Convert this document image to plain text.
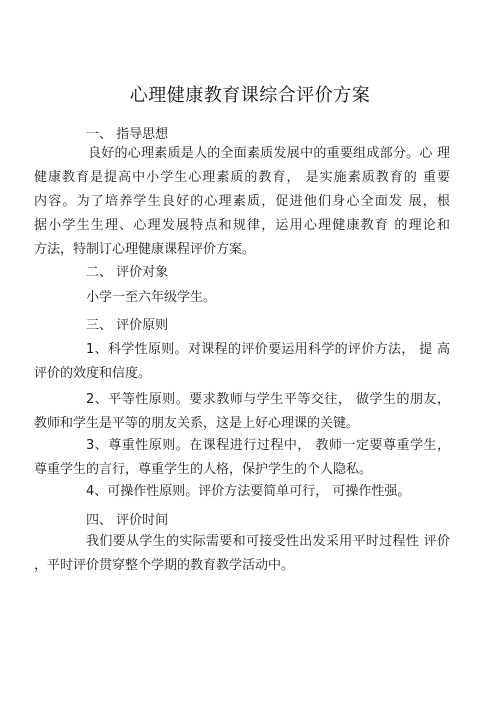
心理健康教育课综合评价方案
一、 指导思想
良好的心理素质是人的全面素质发展中的重要组成部分。心 理
健康教育是提高中小学生心理素质的教育， 是实施素质教育的 重要
内容。为了培养学生良好的心理素质，促进他们身心全面发 展，根
据小学生生理、心理发展特点和规律，运用心理健康教育 的理论和
方法，特制订心理健康课程评价方案。
二、 评价对象
小学一至六年级学生。
三、 评价原则
1、科学性原则。对课程的评价要运用科学的评价方法， 提 高
评价的效度和信度。
2、平等性原则。要求教师与学生平等交往， 做学生的朋友，
教师和学生是平等的朋友关系，这是上好心理课的关键。
3、尊重性原则。在课程进行过程中， 教师一定要尊重学生，
尊重学生的言行，尊重学生的人格，保护学生的个人隐私。
4、可操作性原则。评价方法要简单可行， 可操作性强。
四、 评价时间
我们要从学生的实际需要和可接受性出发采用平时过程性 评价
，平时评价贯穿整个学期的教育教学活动中。
